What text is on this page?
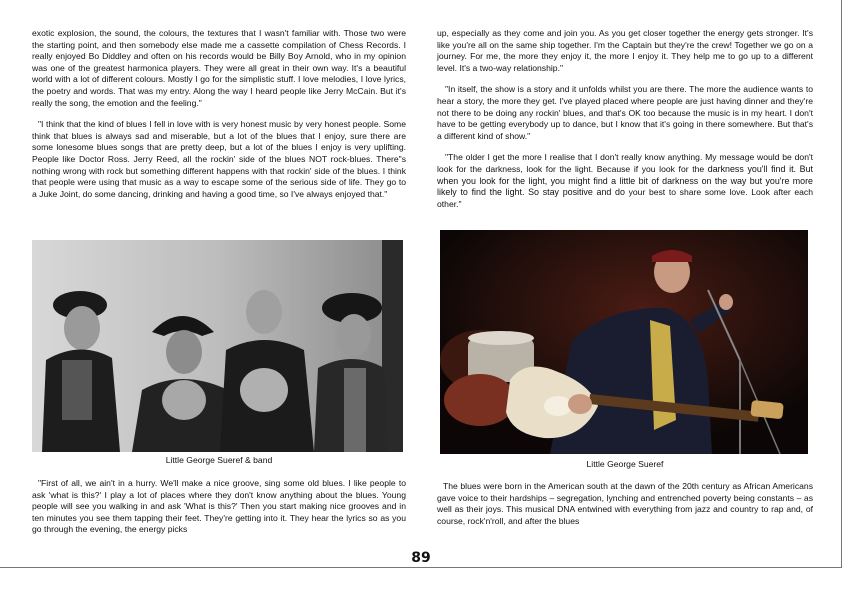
exotic explosion, the sound, the colours, the textures that I wasn't familiar with. Those two were the starting point, and then somebody else made me a cassette compilation of Chess Records. I really enjoyed Bo Diddley and often on his records would be Billy Boy Arnold, who in my opinion was one of the greatest harmonica players. They were all great in their own way. It's a beautiful world with a lot of different colours. Mostly I go for the simplistic stuff. I love melodies, I love lyrics, the poetry and words. That was my entry. Along the way I heard people like Jerry McCain. But it's really the song, the emotion and the feeling."

"I think that the kind of blues I fell in love with is very honest music by very honest people. Some think that blues is always sad and miserable, but a lot of the blues that I enjoy, sure there are some lonesome blues songs that are pretty deep, but a lot of the blues I enjoy is very uplifting. People like Doctor Ross. Jerry Reed, all the rockin' side of the blues NOT rock-blues. There"s nothing wrong with rock but something different happens with that rockin' side of the blues. I think that people were using that music as a way to escape some of the serious side of life. They go to a Juke Joint, do some dancing, drinking and having a good time, so I've always enjoyed that."

Little George Sueref & band

"First of all, we ain't in a hurry. We'll make a nice groove, sing some old blues. I like people to ask 'what is this?' I play a lot of places where they don't know anything about the blues. Young people will see you walking in and ask 'What is this?' Then you start making nice grooves and in ten minutes you see them tapping their feet. They're getting into it. They hear the lyrics so as you go through the evening, the energy picks

up, especially as they come and join you. As you get closer together the energy gets stronger. It's like you're all on the same ship together. I'm the Captain but they're the crew! Together we go on a journey. For me, the more they enjoy it, the more I enjoy it. They help me to go up to a different level. It's a two-way relationship."

"In itself, the show is a story and it unfolds whilst you are there. The more the audience wants to hear a story, the more they get. I've played placed where people are just having dinner and they're not there to be doing any rockin' blues, and that's OK too because the music is in my heart. I don't have to be getting everybody up to dance, but I know that it's going in there somewhere. But that's a different kind of show."

"The older I get the more I realise that I don't really know anything. My message would be don't look for the darkness, look for the light. Because if you look for the darkness you'll find it. But when you look for the light, you might find a little bit of darkness on the way but you're more likely to find the light. So stay positive and do your best to share some love. Look after each other."

Little George Sueref

The blues were born in the American south at the dawn of the 20th century as African Americans gave voice to their hardships – segregation, lynching and entrenched poverty being constants – as well as their joys. This musical DNA entwined with everything from jazz and country to rap and, of course, rock'n'roll, and after the blues

89
